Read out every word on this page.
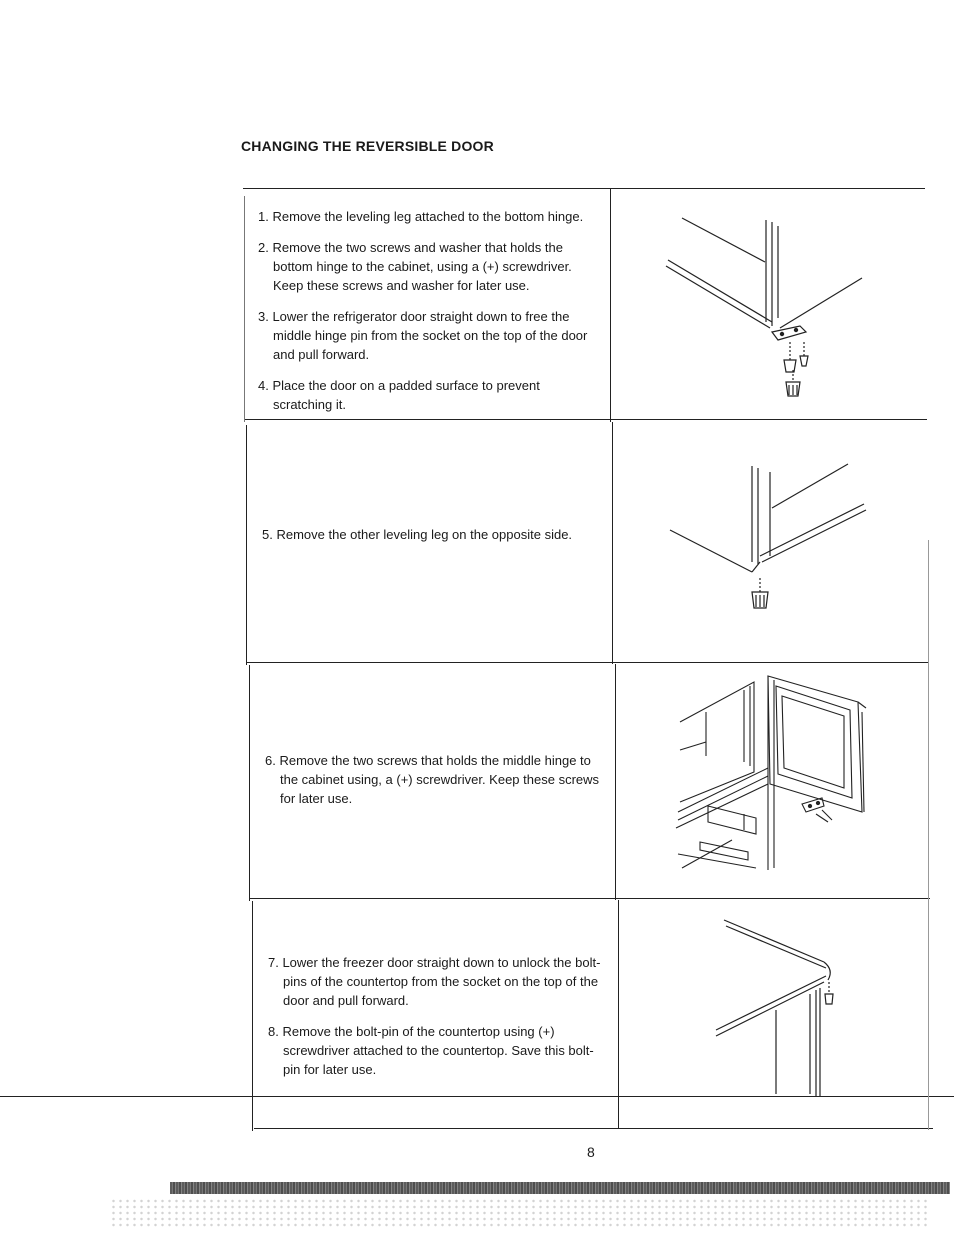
CHANGING THE REVERSIBLE DOOR

1. Remove the leveling leg attached to the bottom hinge.

2. Remove the two screws and washer that holds the bottom hinge to the cabinet, using a (+) screwdriver. Keep these screws and washer for later use.

3. Lower the refrigerator door straight down to free the middle hinge pin from the socket on the top of the door and pull forward.

4. Place the door on a padded surface to prevent scratching it.

5. Remove the other leveling leg on the opposite side.

6. Remove the two screws that holds the middle hinge to the cabinet using, a (+) screwdriver. Keep these screws for later use.

7. Lower the freezer door straight down to unlock the bolt-pins of the countertop from the socket on the top of the door and pull forward.

8. Remove the bolt-pin of the countertop using (+) screwdriver attached to the countertop. Save this bolt-pin for later use.

8
